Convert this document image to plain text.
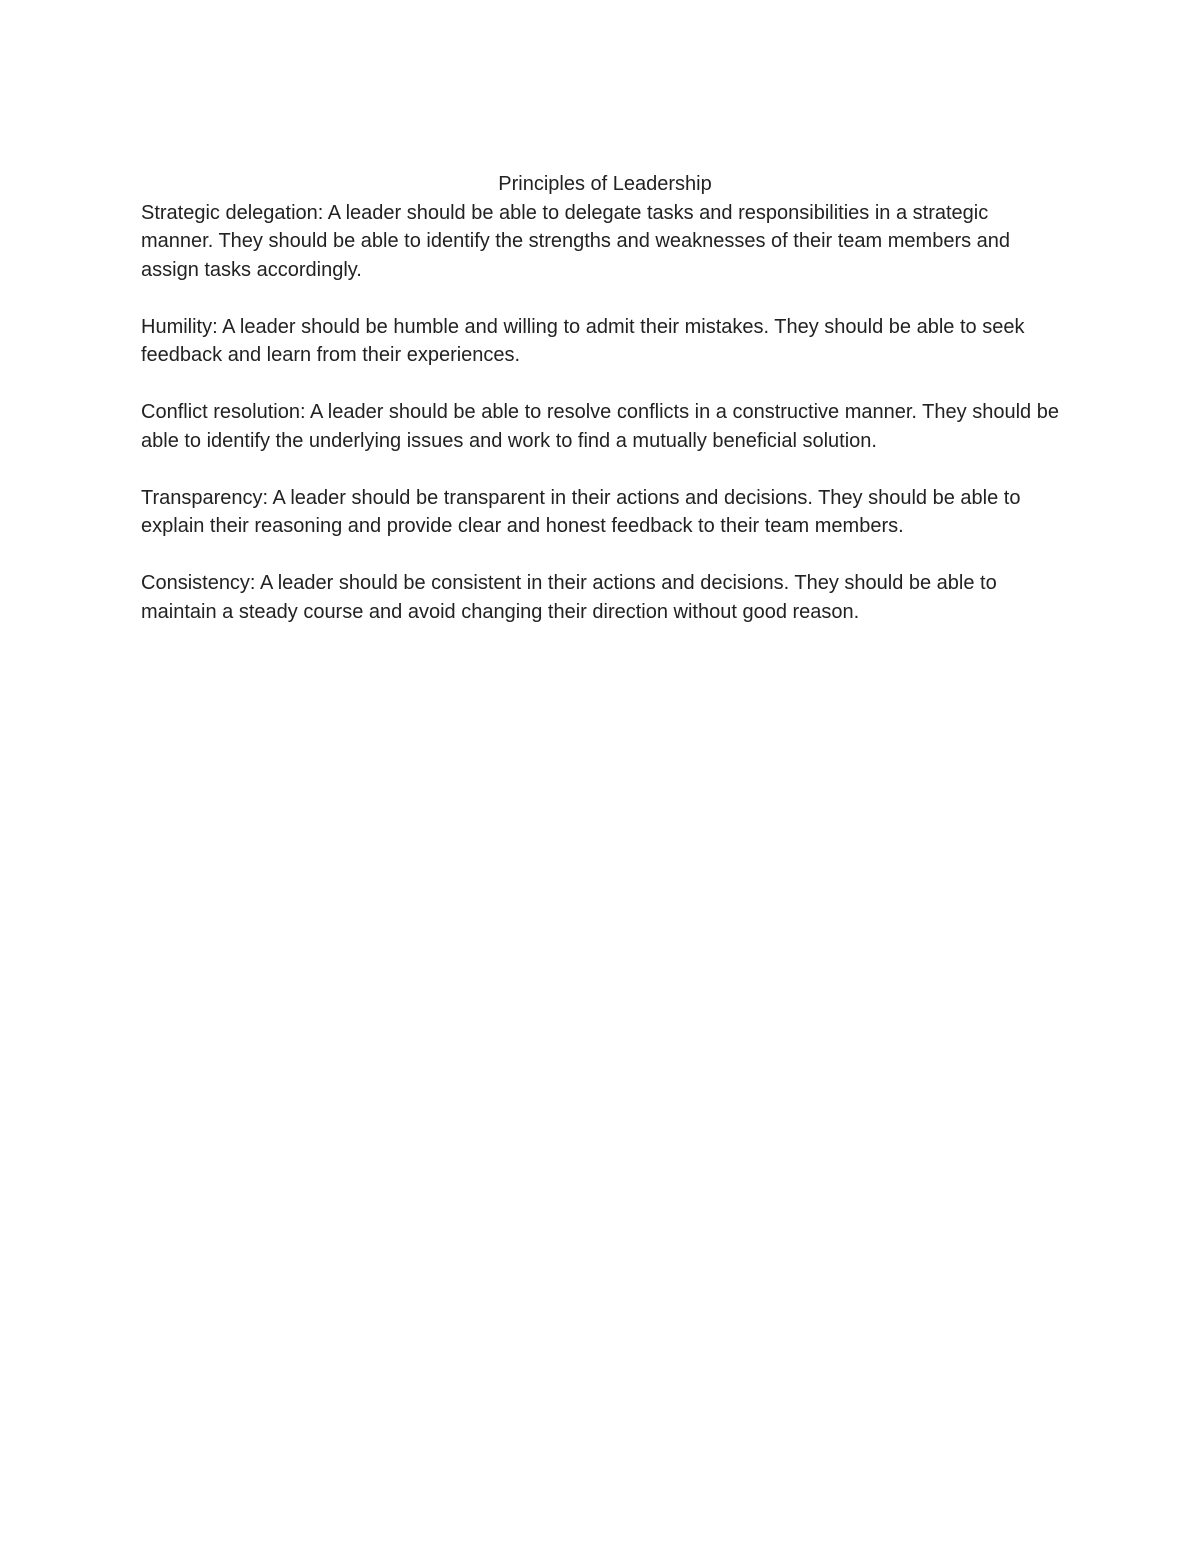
Principles of Leadership

Strategic delegation: A leader should be able to delegate tasks and responsibilities in a strategic manner. They should be able to identify the strengths and weaknesses of their team members and assign tasks accordingly.

Humility: A leader should be humble and willing to admit their mistakes. They should be able to seek feedback and learn from their experiences.

Conflict resolution: A leader should be able to resolve conflicts in a constructive manner. They should be able to identify the underlying issues and work to find a mutually beneficial solution.

Transparency: A leader should be transparent in their actions and decisions. They should be able to explain their reasoning and provide clear and honest feedback to their team members.

Consistency: A leader should be consistent in their actions and decisions. They should be able to maintain a steady course and avoid changing their direction without good reason.
